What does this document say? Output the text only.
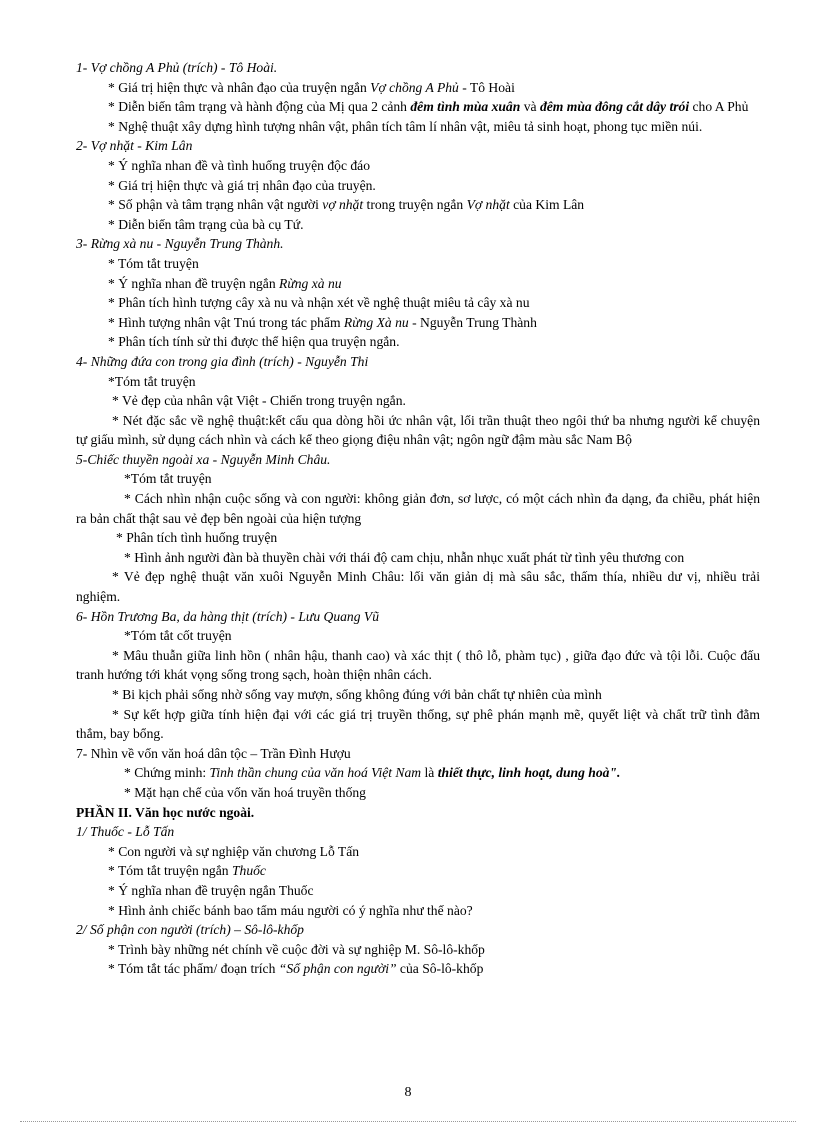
1- Vợ chồng A Phủ (trích) - Tô Hoài.
* Giá trị hiện thực và nhân đạo của truyện ngắn Vợ chồng A Phủ - Tô Hoài
* Diễn biến tâm trạng và hành động của Mị qua 2 cảnh đêm tình mùa xuân và đêm mùa đông cắt dây trói cho A Phủ
* Nghệ thuật xây dựng hình tượng nhân vật, phân tích tâm lí nhân vật, miêu tả sinh hoạt, phong tục miền núi.
2- Vợ nhặt - Kim Lân
* Ý nghĩa nhan đề và tình huống truyện độc đáo
* Giá trị hiện thực và giá trị nhân đạo của truyện.
* Số phận và tâm trạng nhân vật người vợ nhặt trong truyện ngắn Vợ nhặt của Kim Lân
* Diễn biến tâm trạng của bà cụ Tứ.
3- Rừng xà nu - Nguyễn Trung Thành.
* Tóm tắt truyện
* Ý nghĩa nhan đề truyện ngắn Rừng xà nu
* Phân tích hình tượng cây xà nu và nhận xét về nghệ thuật miêu tả cây xà nu
* Hình tượng nhân vật Tnú trong tác phẩm Rừng Xà nu - Nguyễn Trung Thành
* Phân tích tính sử thi được thể hiện qua truyện ngắn.
4- Những đứa con trong gia đình (trích) - Nguyễn Thi
*Tóm tắt truyện
* Vẻ đẹp của nhân vật Việt - Chiến trong truyện ngắn.
* Nét đặc sắc về nghệ thuật:kết cấu qua dòng hồi ức nhân vật, lối trần thuật theo ngôi thứ ba nhưng người kể chuyện tự giấu mình, sử dụng cách nhìn và cách kể theo giọng điệu nhân vật; ngôn ngữ đậm màu sắc Nam Bộ
5-Chiếc thuyền ngoài xa - Nguyễn Minh Châu.
*Tóm tắt truyện
* Cách nhìn nhận cuộc sống và con người: không giản đơn, sơ lược, có một cách nhìn đa dạng, đa chiều, phát hiện ra bản chất thật sau vẻ đẹp bên ngoài của hiện tượng
* Phân tích tình huống truyện
* Hình ảnh người đàn bà thuyền chài với thái độ cam chịu, nhẫn nhục xuất phát từ tình yêu thương con
* Vẻ đẹp nghệ thuật văn xuôi Nguyễn Minh Châu: lối văn giản dị mà sâu sắc, thấm thía, nhiều dư vị, nhiều trải nghiệm.
6- Hồn Trương Ba, da hàng thịt (trích) - Lưu Quang Vũ
*Tóm tắt cốt truyện
* Mâu thuẫn giữa linh hồn ( nhân hậu, thanh cao) và xác thịt ( thô lỗ, phàm tục) , giữa đạo đức và tội lỗi. Cuộc đấu tranh hướng tới khát vọng sống trong sạch, hoàn thiện nhân cách.
* Bi kịch phải sống nhờ sống vay mượn, sống không đúng với bản chất tự nhiên của mình
* Sự kết hợp giữa tính hiện đại với các giá trị truyền thống, sự phê phán mạnh mẽ, quyết liệt và chất trữ tình đằm thắm, bay bổng.
7- Nhìn về vốn văn hoá dân tộc – Trần Đình Hượu
* Chứng minh: Tinh thần chung của văn hoá Việt Nam là thiết thực, linh hoạt, dung hoà".
* Mặt hạn chế của vốn văn hoá truyền thống
PHẦN II. Văn học nước ngoài.
1/ Thuốc - Lỗ Tấn
* Con người và sự nghiệp văn chương Lỗ Tấn
* Tóm tắt truyện ngắn Thuốc
* Ý nghĩa nhan đề truyện ngắn Thuốc
* Hình ảnh chiếc bánh bao tẩm máu người có ý nghĩa như thế nào?
2/ Số phận con người (trích) – Sô-lô-khốp
* Trình bày những nét chính về cuộc đời và sự nghiệp M. Sô-lô-khốp
* Tóm tắt tác phẩm/ đoạn trích “Số phận con người” của Sô-lô-khốp
8
